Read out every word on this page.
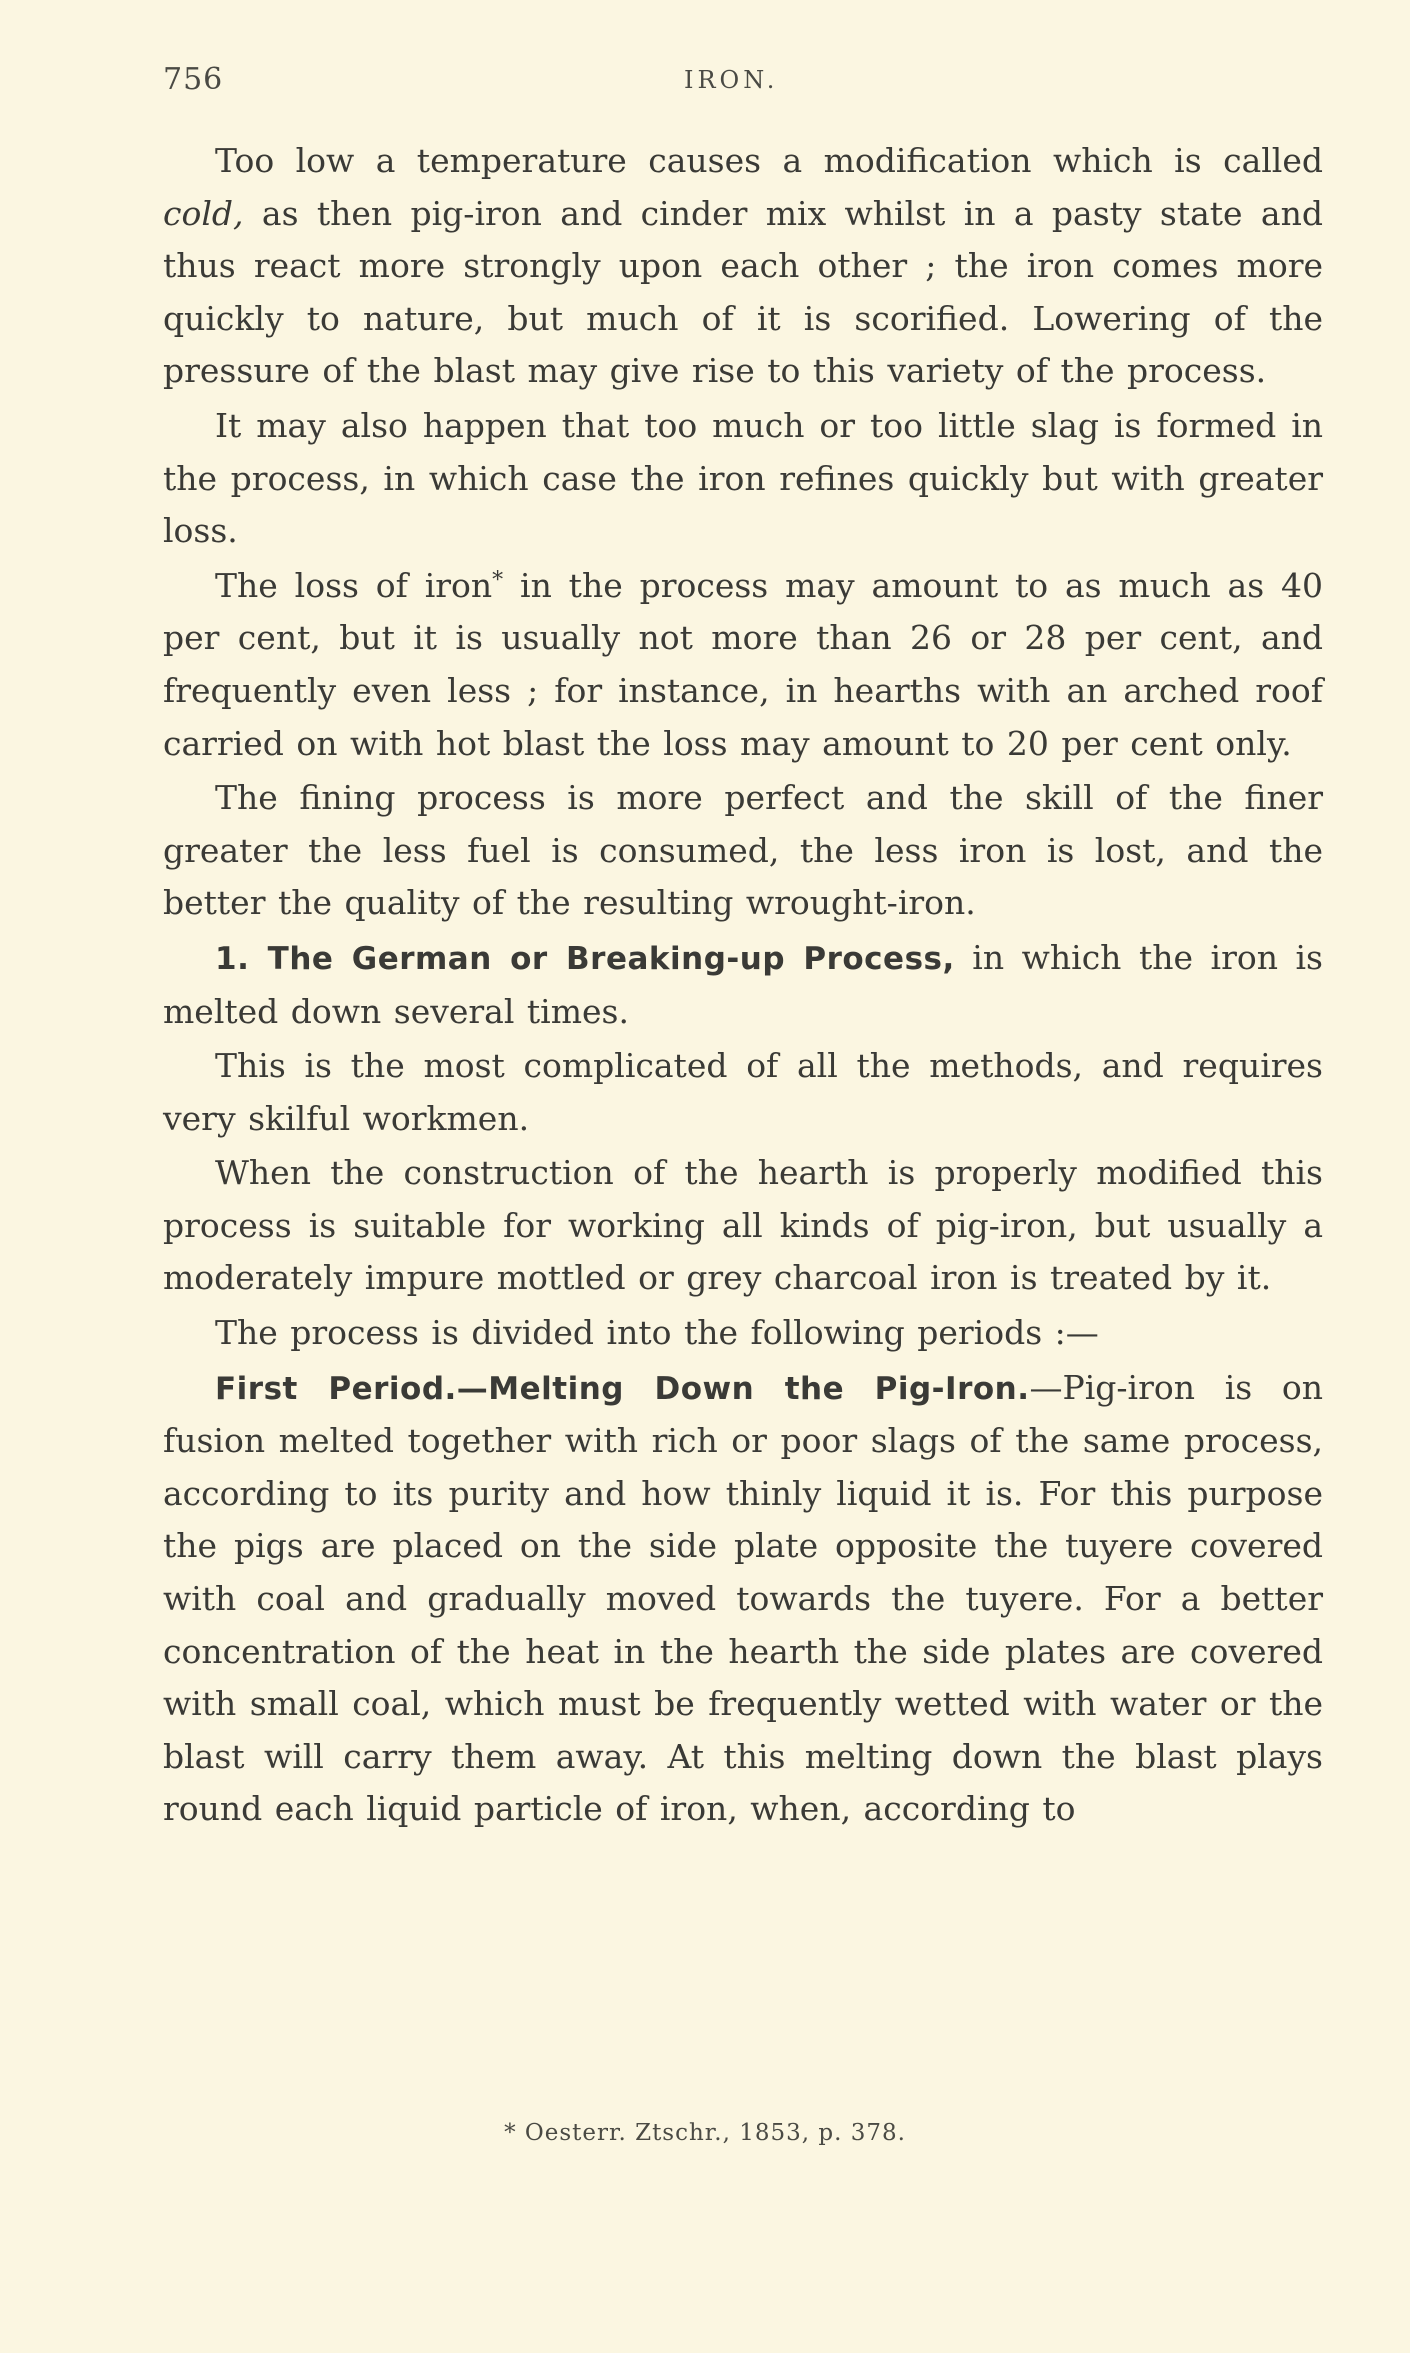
756	IRON.

Too low a temperature causes a modification which is called cold, as then pig-iron and cinder mix whilst in a pasty state and thus react more strongly upon each other ; the iron comes more quickly to nature, but much of it is scorified. Lowering of the pressure of the blast may give rise to this variety of the process.

It may also happen that too much or too little slag is formed in the process, in which case the iron refines quickly but with greater loss.

The loss of iron* in the process may amount to as much as 40 per cent, but it is usually not more than 26 or 28 per cent, and frequently even less ; for instance, in hearths with an arched roof carried on with hot blast the loss may amount to 20 per cent only.

The fining process is more perfect and the skill of the finer greater the less fuel is consumed, the less iron is lost, and the better the quality of the resulting wrought-iron.

1. The German or Breaking-up Process, in which the iron is melted down several times.

This is the most complicated of all the methods, and requires very skilful workmen.

When the construction of the hearth is properly modified this process is suitable for working all kinds of pig-iron, but usually a moderately impure mottled or grey charcoal iron is treated by it.

The process is divided into the following periods :—

First Period.—Melting Down the Pig-Iron.—Pig-iron is on fusion melted together with rich or poor slags of the same process, according to its purity and how thinly liquid it is. For this purpose the pigs are placed on the side plate opposite the tuyere covered with coal and gradually moved towards the tuyere. For a better concentration of the heat in the hearth the side plates are covered with small coal, which must be frequently wetted with water or the blast will carry them away. At this melting down the blast plays round each liquid particle of iron, when, according to

* Oesterr. Ztschr., 1853, p. 378.
